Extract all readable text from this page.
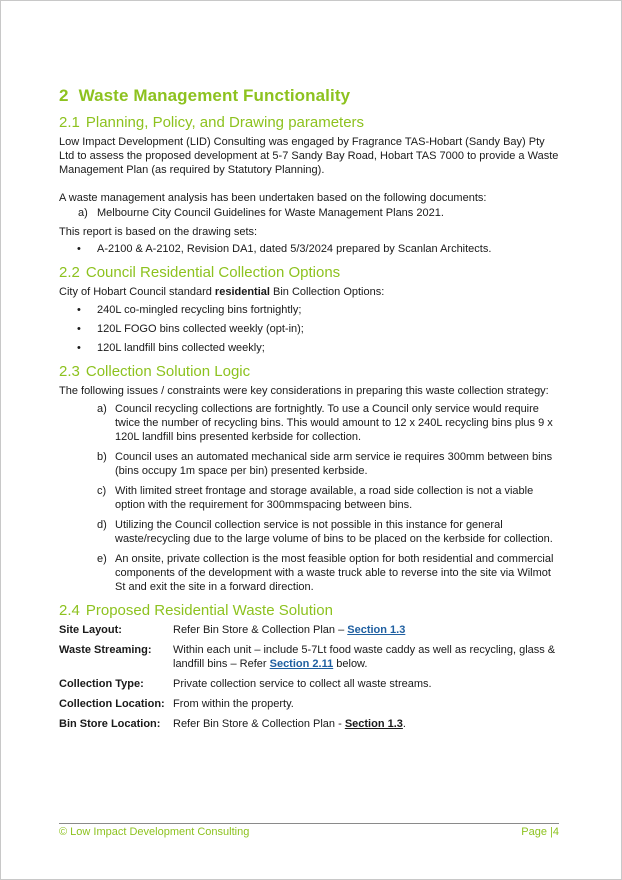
2 Waste Management Functionality
2.1 Planning, Policy, and Drawing parameters

Low Impact Development (LID) Consulting was engaged by Fragrance TAS-Hobart (Sandy Bay) Pty Ltd to assess the proposed development at 5-7 Sandy Bay Road, Hobart TAS 7000 to provide a Waste Management Plan (as required by Statutory Planning).

A waste management analysis has been undertaken based on the following documents:

a) Melbourne City Council Guidelines for Waste Management Plans 2021.

This report is based on the drawing sets:

• A-2100 & A-2102, Revision DA1, dated 5/3/2024 prepared by Scanlan Architects.
2.2 Council Residential Collection Options

City of Hobart Council standard residential Bin Collection Options:

• 240L co-mingled recycling bins fortnightly;
• 120L FOGO bins collected weekly (opt-in);
• 120L landfill bins collected weekly;
2.3 Collection Solution Logic

The following issues / constraints were key considerations in preparing this waste collection strategy:

a) Council recycling collections are fortnightly. To use a Council only service would require twice the number of recycling bins. This would amount to 12 x 240L recycling bins plus 9 x 120L landfill bins presented kerbside for collection.
b) Council uses an automated mechanical side arm service ie requires 300mm between bins (bins occupy 1m space per bin) presented kerbside.
c) With limited street frontage and storage available, a road side collection is not a viable option with the requirement for 300mmspacing between bins.
d) Utilizing the Council collection service is not possible in this instance for general waste/recycling due to the large volume of bins to be placed on the kerbside for collection.
e) An onsite, private collection is the most feasible option for both residential and commercial components of the development with a waste truck able to reverse into the site via Wilmot St and exit the site in a forward direction.
2.4 Proposed Residential Waste Solution
Site Layout:	Refer Bin Store & Collection Plan – Section 1.3
Waste Streaming:	Within each unit – include 5-7Lt food waste caddy as well as recycling, glass & landfill bins – Refer Section 2.11 below.
Collection Type:	Private collection service to collect all waste streams.
Collection Location:	From within the property.
Bin Store Location:	Refer Bin Store & Collection Plan - Section 1.3.
© Low Impact Development Consulting	Page |4
